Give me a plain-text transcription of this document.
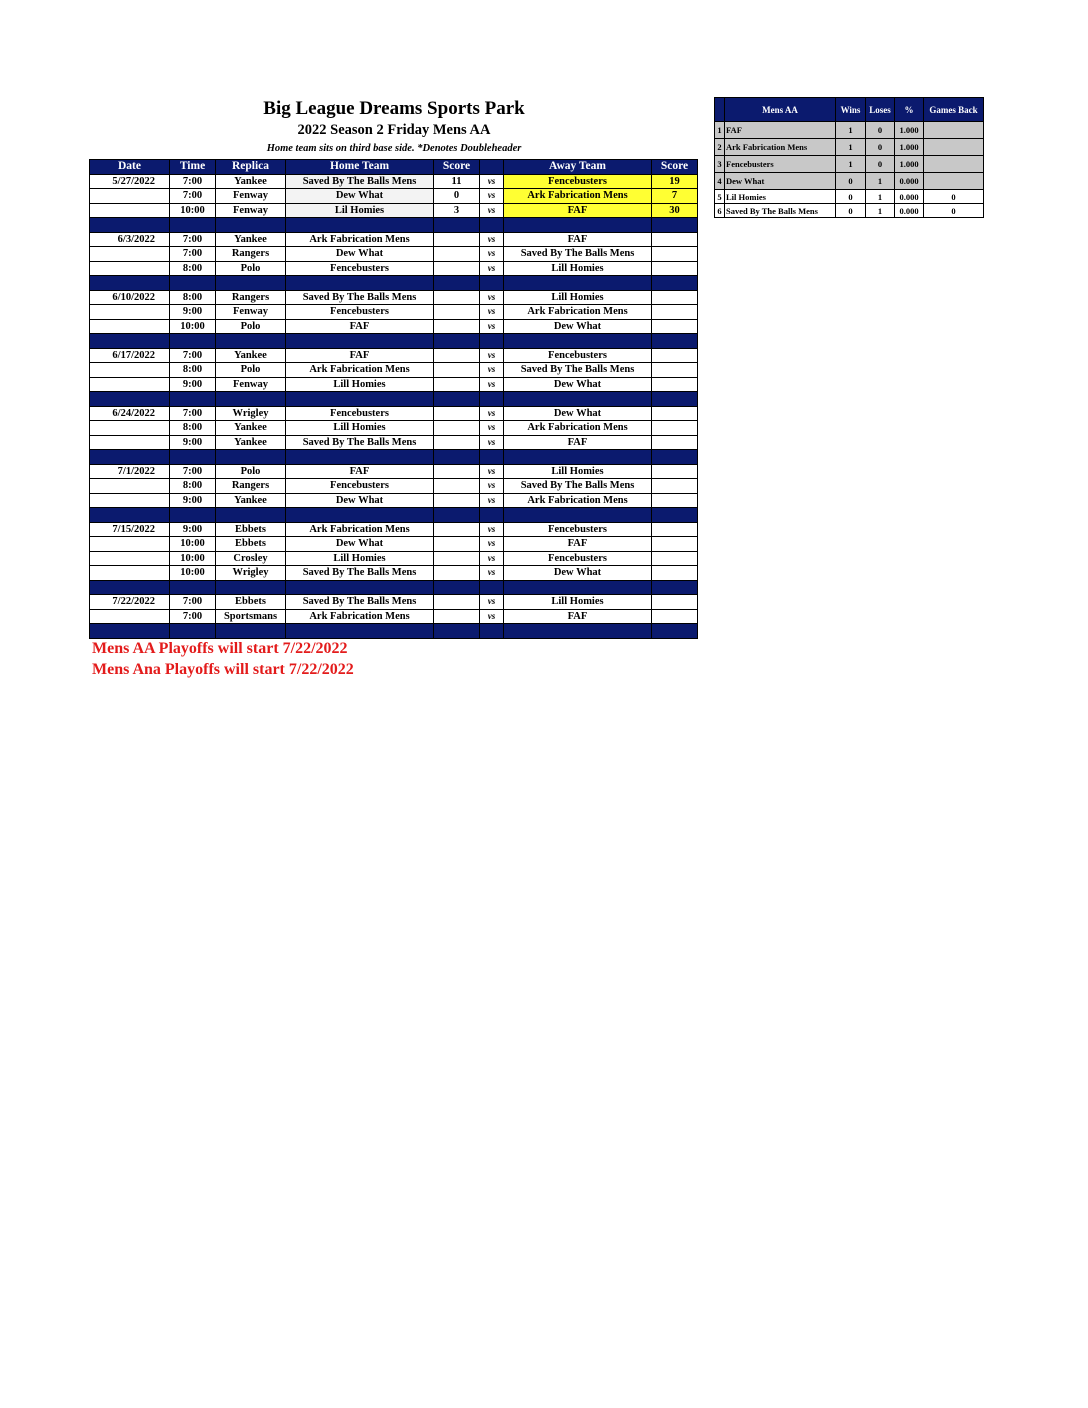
Big League Dreams Sports Park
2022 Season 2 Friday Mens AA
Home team sits on third base side. *Denotes Doubleheader
Date	Time	Replica	Home Team	Score		Away Team	Score
5/27/2022	7:00	Yankee	Saved By The Balls Mens	11	vs	Fencebusters	19
	7:00	Fenway	Dew What	0	vs	Ark Fabrication Mens	7
	10:00	Fenway	Lil Homies	3	vs	FAF	30

6/3/2022	7:00	Yankee	Ark Fabrication Mens		vs	FAF	
	7:00	Rangers	Dew What		vs	Saved By The Balls Mens	
	8:00	Polo	Fencebusters		vs	Lill Homies	

6/10/2022	8:00	Rangers	Saved By The Balls Mens		vs	Lill Homies	
	9:00	Fenway	Fencebusters		vs	Ark Fabrication Mens	
	10:00	Polo	FAF		vs	Dew What	

6/17/2022	7:00	Yankee	FAF		vs	Fencebusters	
	8:00	Polo	Ark Fabrication Mens		vs	Saved By The Balls Mens	
	9:00	Fenway	Lill Homies		vs	Dew What	

6/24/2022	7:00	Wrigley	Fencebusters		vs	Dew What	
	8:00	Yankee	Lill Homies		vs	Ark Fabrication Mens	
	9:00	Yankee	Saved By The Balls Mens		vs	FAF	

7/1/2022	7:00	Polo	FAF		vs	Lill Homies	
	8:00	Rangers	Fencebusters		vs	Saved By The Balls Mens	
	9:00	Yankee	Dew What		vs	Ark Fabrication Mens	

7/15/2022	9:00	Ebbets	Ark Fabrication Mens		vs	Fencebusters	
	10:00	Ebbets	Dew What		vs	FAF	
	10:00	Crosley	Lill Homies		vs	Fencebusters	
	10:00	Wrigley	Saved By The Balls Mens		vs	Dew What	

7/22/2022	7:00	Ebbets	Saved By The Balls Mens		vs	Lill Homies	
	7:00	Sportsmans	Ark Fabrication Mens		vs	FAF	

	Mens AA	Wins	Loses	%	Games Back
1	FAF	1	0	1.000	
2	Ark Fabrication Mens	1	0	1.000	
3	Fencebusters	1	0	1.000	
4	Dew What	0	1	0.000	
5	Lil Homies	0	1	0.000	0
6	Saved By The Balls Mens	0	1	0.000	0
Mens AA Playoffs will start 7/22/2022
Mens Ana Playoffs will start 7/22/2022
